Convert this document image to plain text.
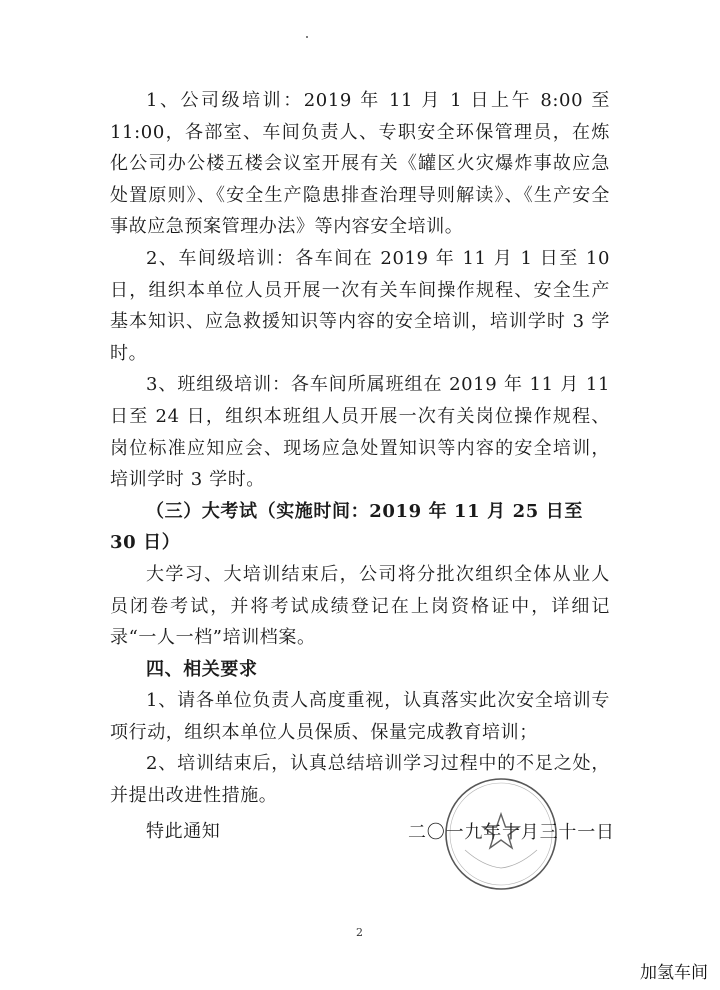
1、公司级培训：2019 年 11 月 1 日上午 8:00 至 11:00，各部室、车间负责人、专职安全环保管理员，在炼化公司办公楼五楼会议室开展有关《罐区火灾爆炸事故应急处置原则》、《安全生产隐患排查治理导则解读》、《生产安全事故应急预案管理办法》等内容安全培训。

2、车间级培训：各车间在 2019 年 11 月 1 日至 10 日，组织本单位人员开展一次有关车间操作规程、安全生产基本知识、应急救援知识等内容的安全培训，培训学时 3 学时。

3、班组级培训：各车间所属班组在 2019 年 11 月 11 日至 24 日，组织本班组人员开展一次有关岗位操作规程、岗位标准应知应会、现场应急处置知识等内容的安全培训，培训学时 3 学时。

（三）大考试（实施时间：2019 年 11 月 25 日至 30 日）

大学习、大培训结束后，公司将分批次组织全体从业人员闭卷考试，并将考试成绩登记在上岗资格证中，详细记录“一人一档”培训档案。

四、相关要求

1、请各单位负责人高度重视，认真落实此次安全培训专项行动，组织本单位人员保质、保量完成教育培训；

2、培训结束后，认真总结培训学习过程中的不足之处，并提出改进性措施。

特此通知	二〇一九年十月三十一日
2
加氢车间
